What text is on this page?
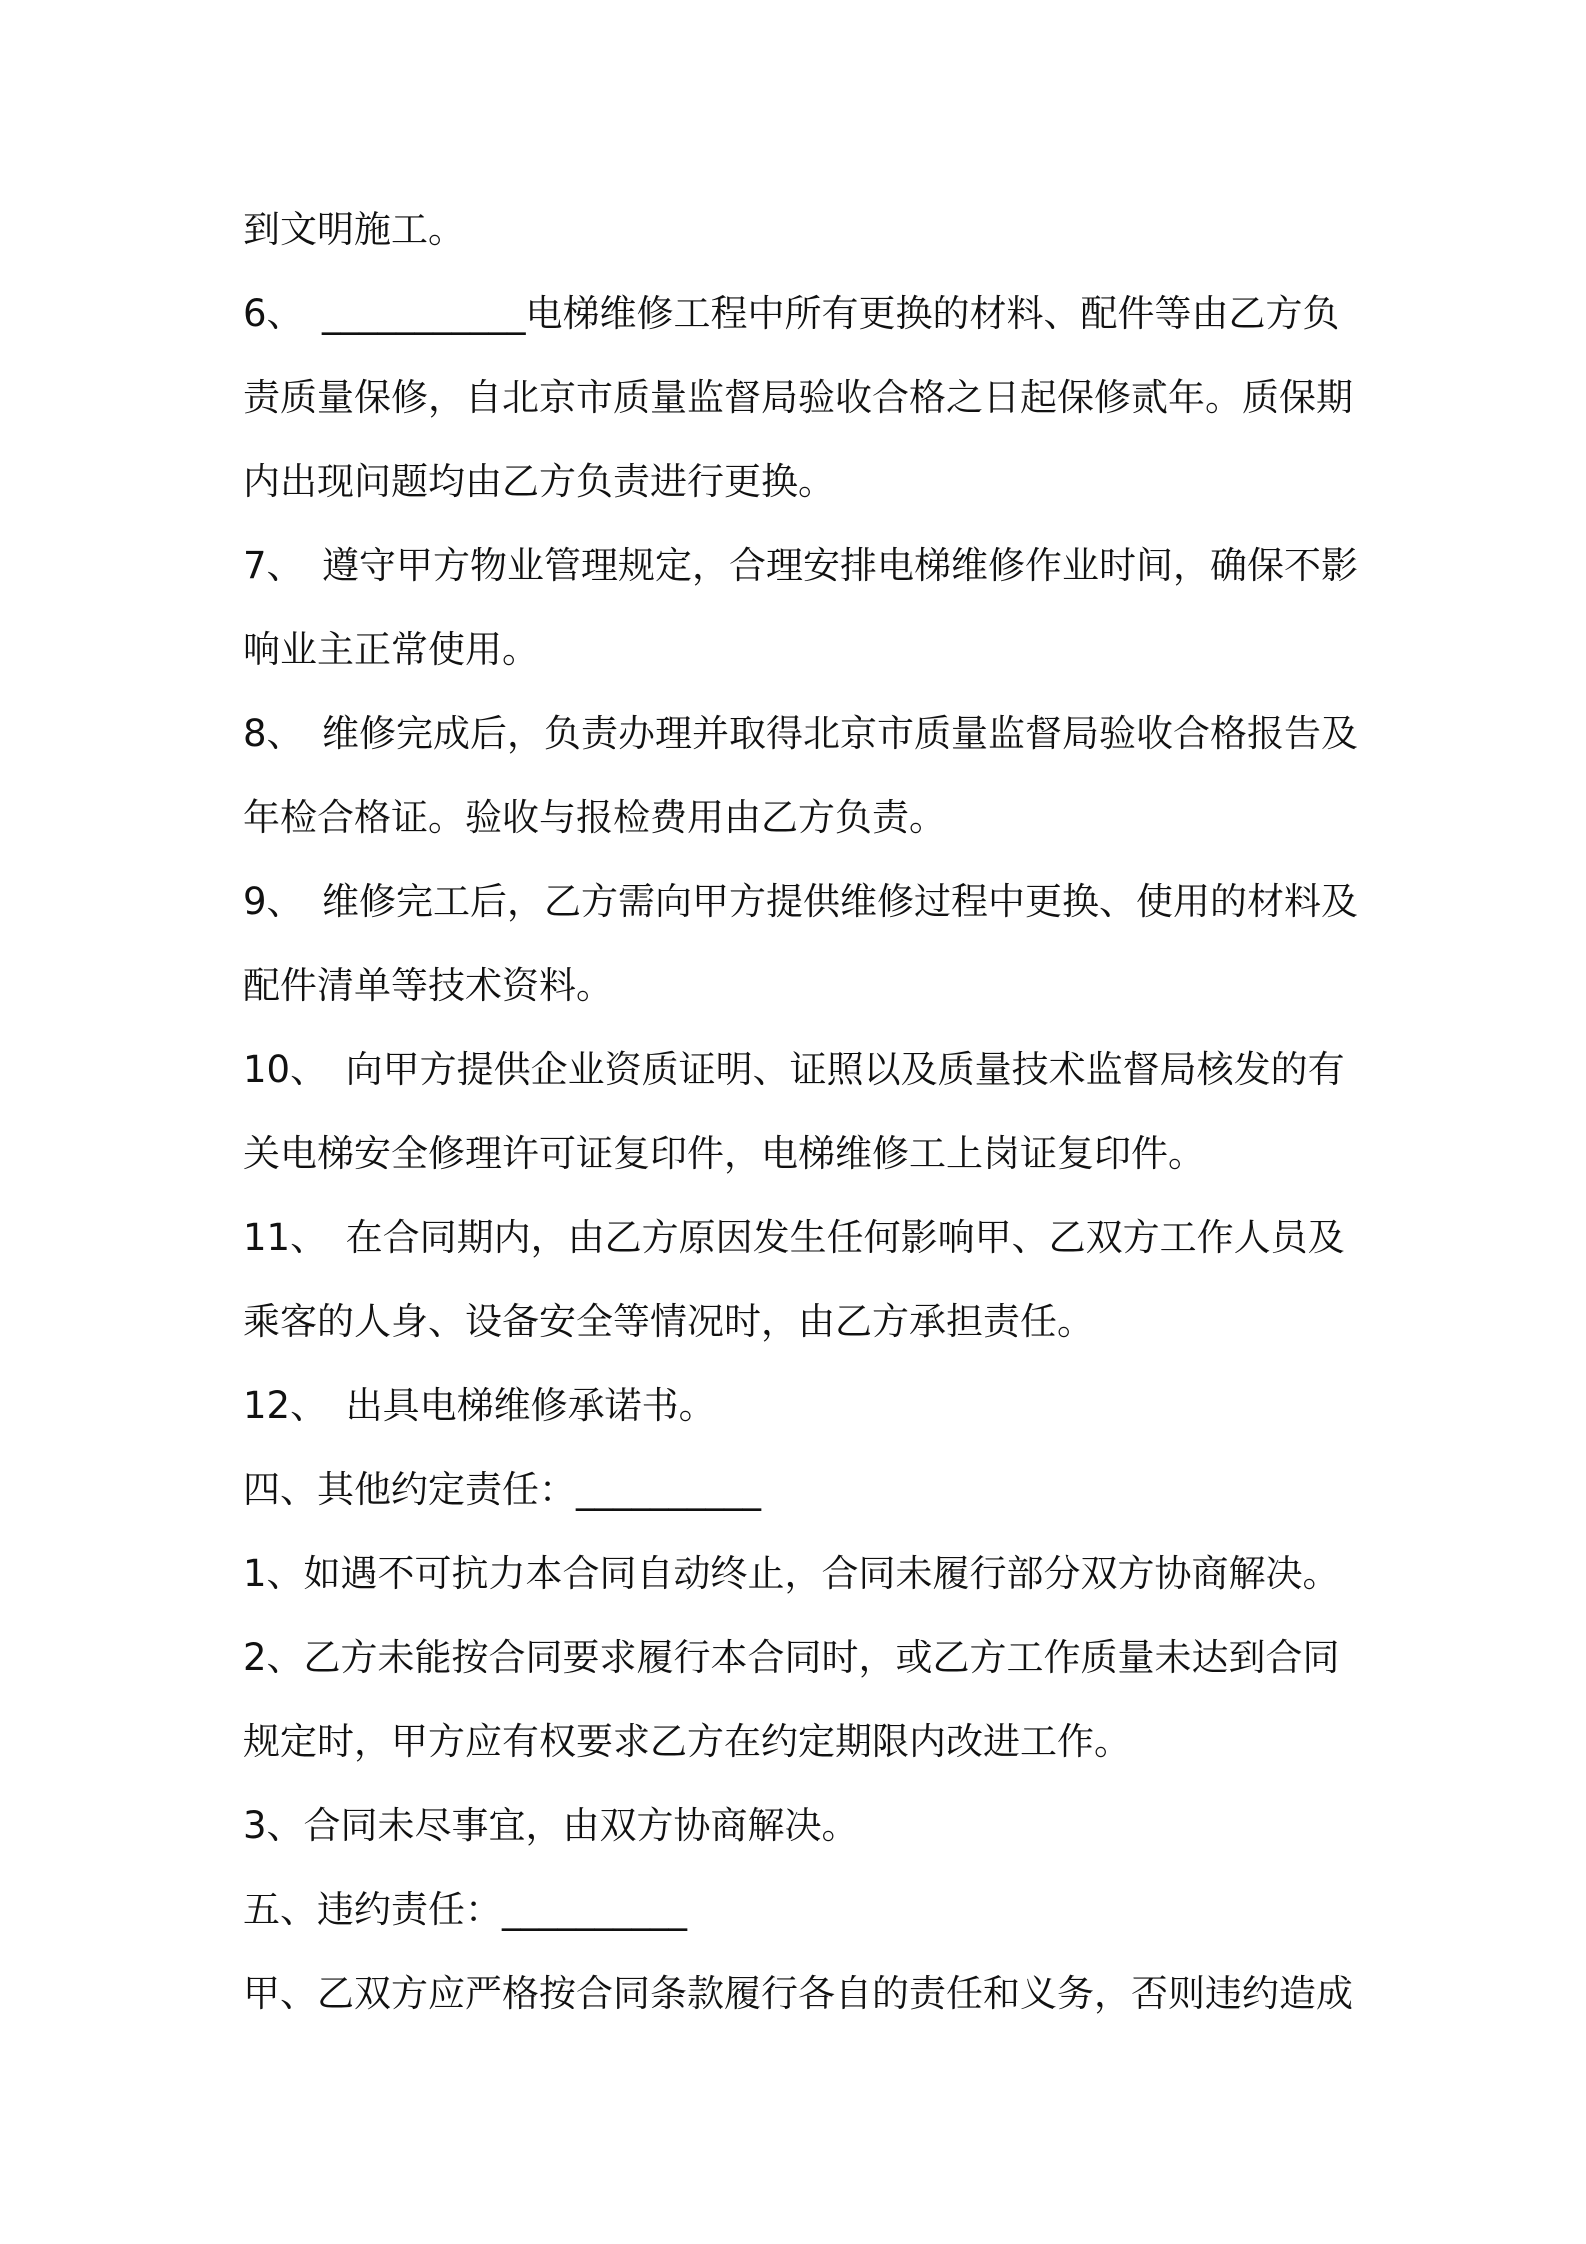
到文明施工。
6、　___________电梯维修工程中所有更换的材料、配件等由乙方负
责质量保修，自北京市质量监督局验收合格之日起保修贰年。质保期
内出现问题均由乙方负责进行更换。
7、　遵守甲方物业管理规定，合理安排电梯维修作业时间，确保不影
响业主正常使用。
8、　维修完成后，负责办理并取得北京市质量监督局验收合格报告及
年检合格证。验收与报检费用由乙方负责。
9、　维修完工后，乙方需向甲方提供维修过程中更换、使用的材料及
配件清单等技术资料。
10、　向甲方提供企业资质证明、证照以及质量技术监督局核发的有
关电梯安全修理许可证复印件，电梯维修工上岗证复印件。
11、　在合同期内，由乙方原因发生任何影响甲、乙双方工作人员及
乘客的人身、设备安全等情况时，由乙方承担责任。
12、　出具电梯维修承诺书。
四、其他约定责任：__________
1、如遇不可抗力本合同自动终止，合同未履行部分双方协商解决。
2、乙方未能按合同要求履行本合同时，或乙方工作质量未达到合同
规定时，甲方应有权要求乙方在约定期限内改进工作。
3、合同未尽事宜，由双方协商解决。
五、违约责任：__________
甲、乙双方应严格按合同条款履行各自的责任和义务，否则违约造成
